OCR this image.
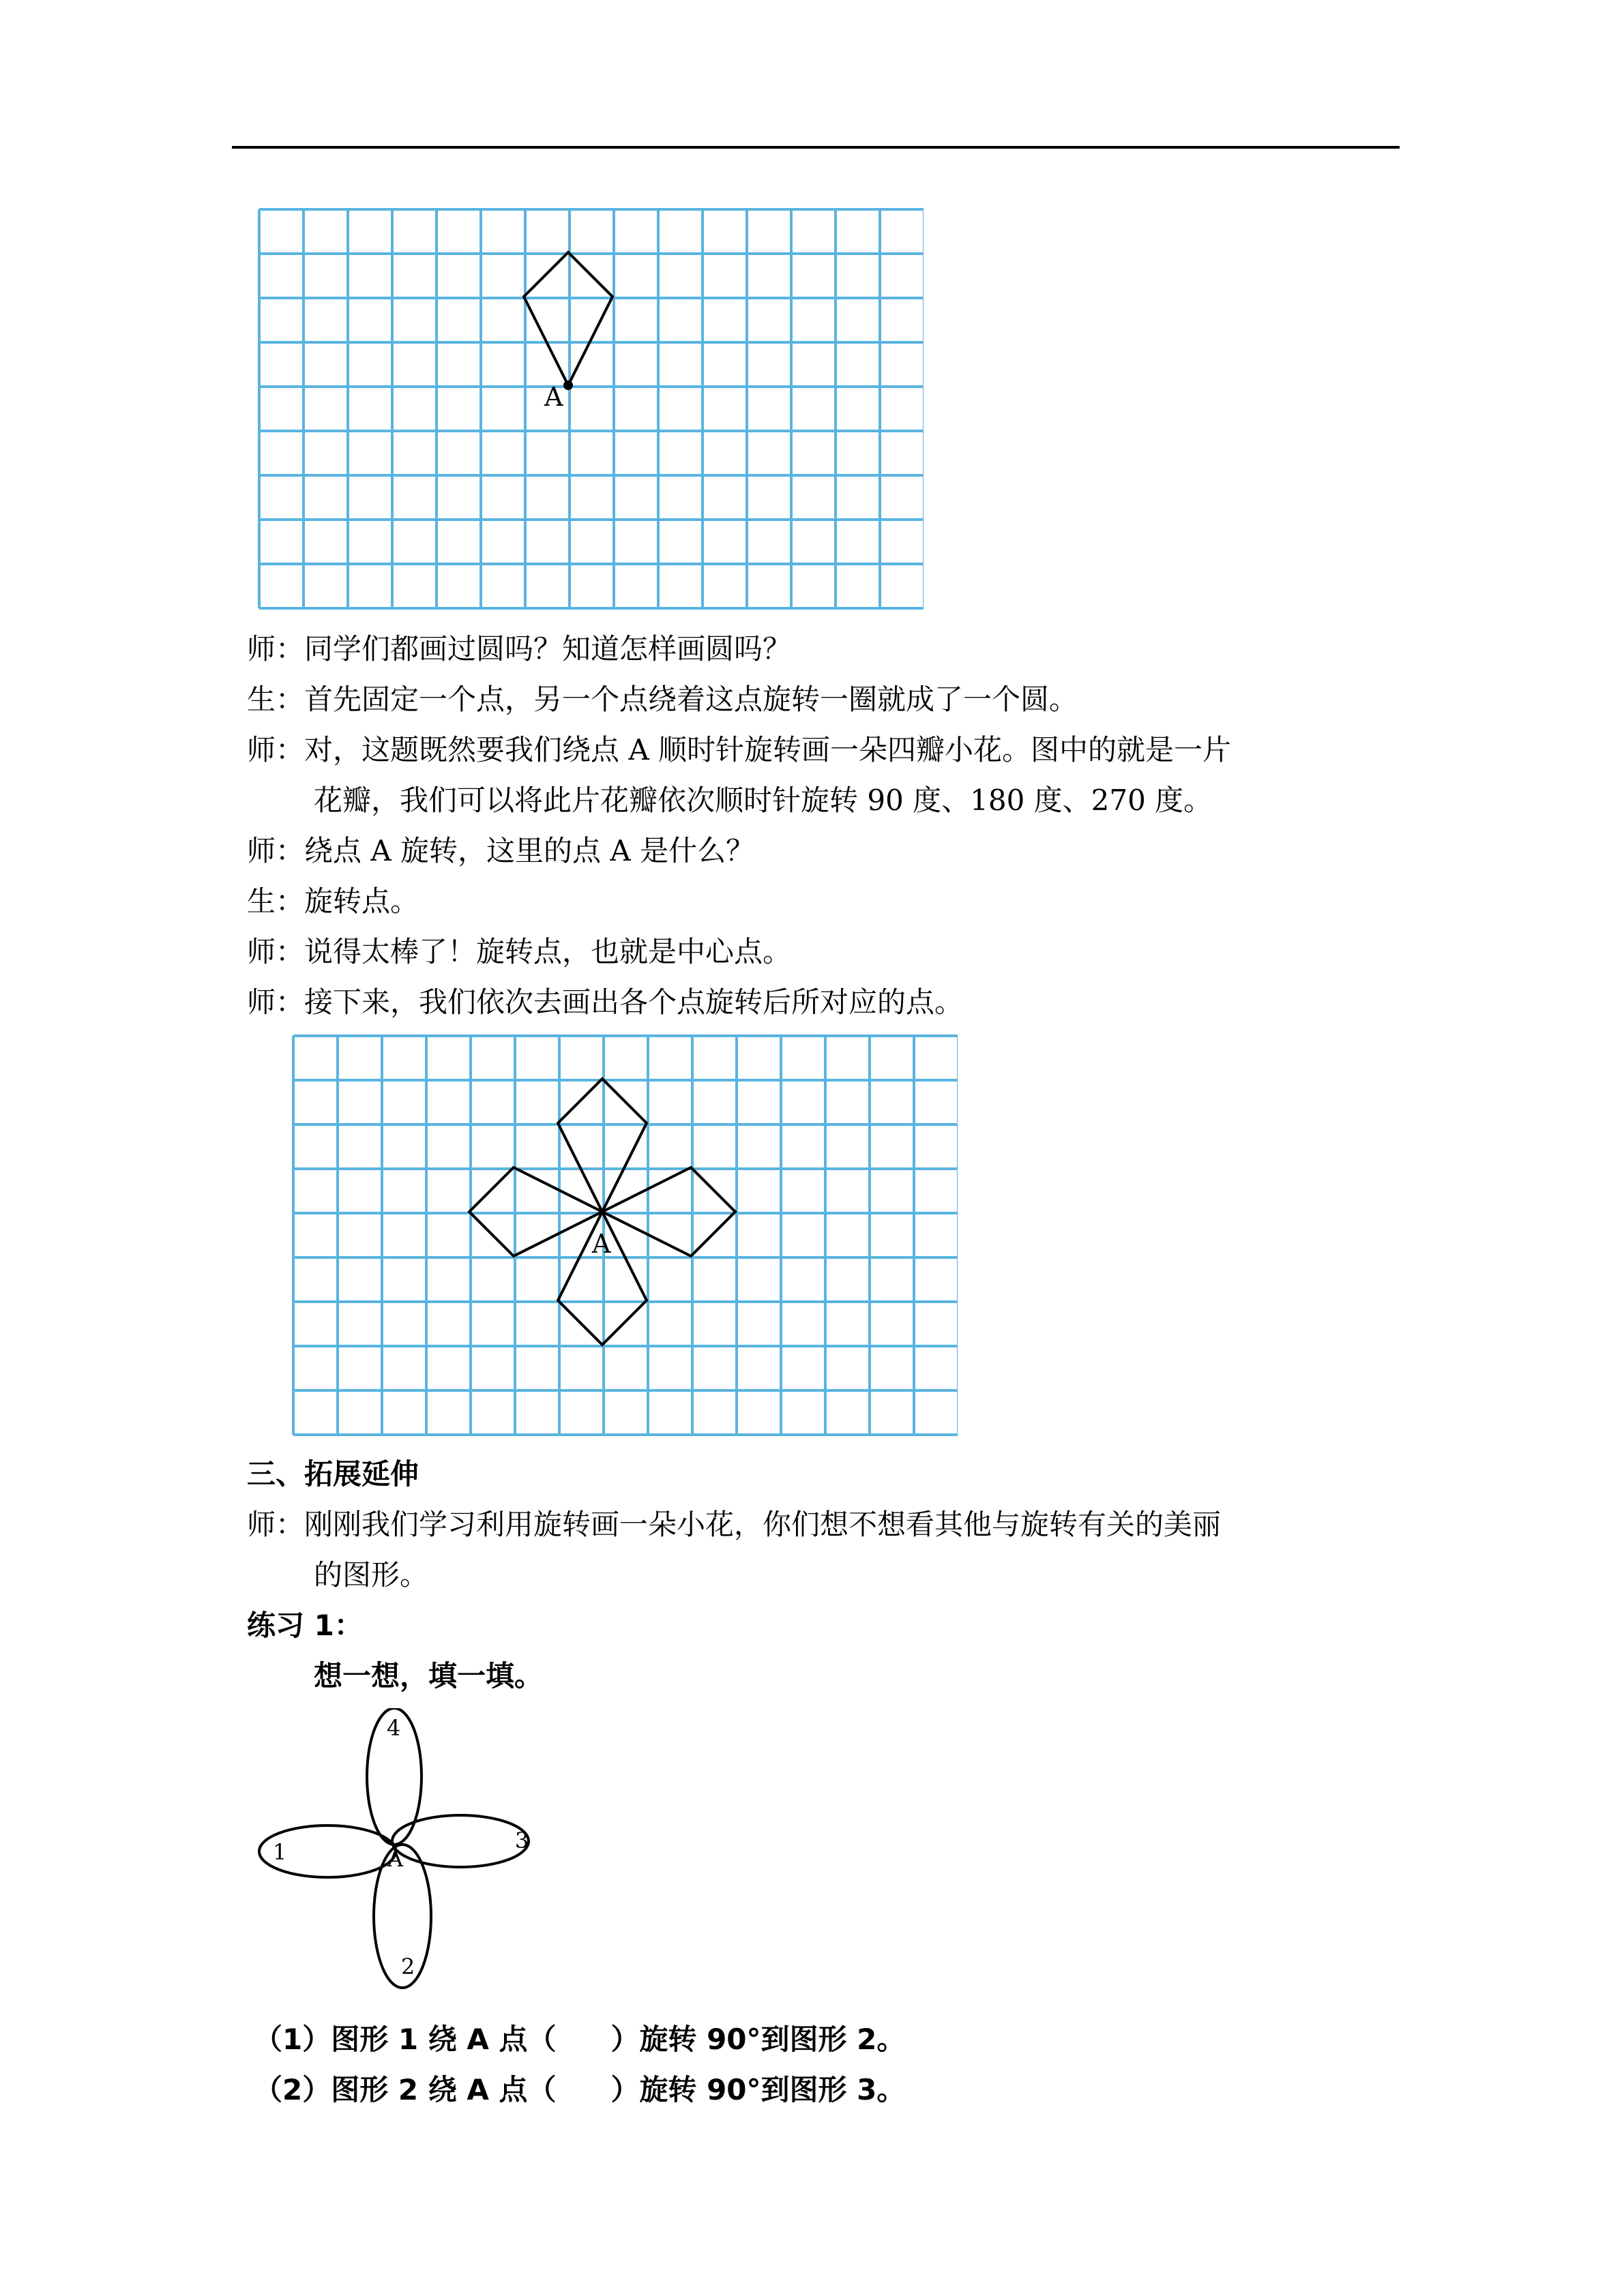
A
师：同学们都画过圆吗？知道怎样画圆吗？
生：首先固定一个点，另一个点绕着这点旋转一圈就成了一个圆。
师：对，这题既然要我们绕点 A 顺时针旋转画一朵四瓣小花。图中的就是一片
花瓣，我们可以将此片花瓣依次顺时针旋转 90 度、180 度、270 度。
师：绕点 A 旋转，这里的点 A 是什么？
生：旋转点。
师：说得太棒了！旋转点，也就是中心点。
师：接下来，我们依次去画出各个点旋转后所对应的点。
A
三、拓展延伸
师：刚刚我们学习利用旋转画一朵小花，你们想不想看其他与旋转有关的美丽
的图形。
练习 1：
想一想，填一填。
1
2
3
4
A
（1）图形 1 绕 A 点（ ）旋转 90°到图形 2。
（2）图形 2 绕 A 点（ ）旋转 90°到图形 3。
